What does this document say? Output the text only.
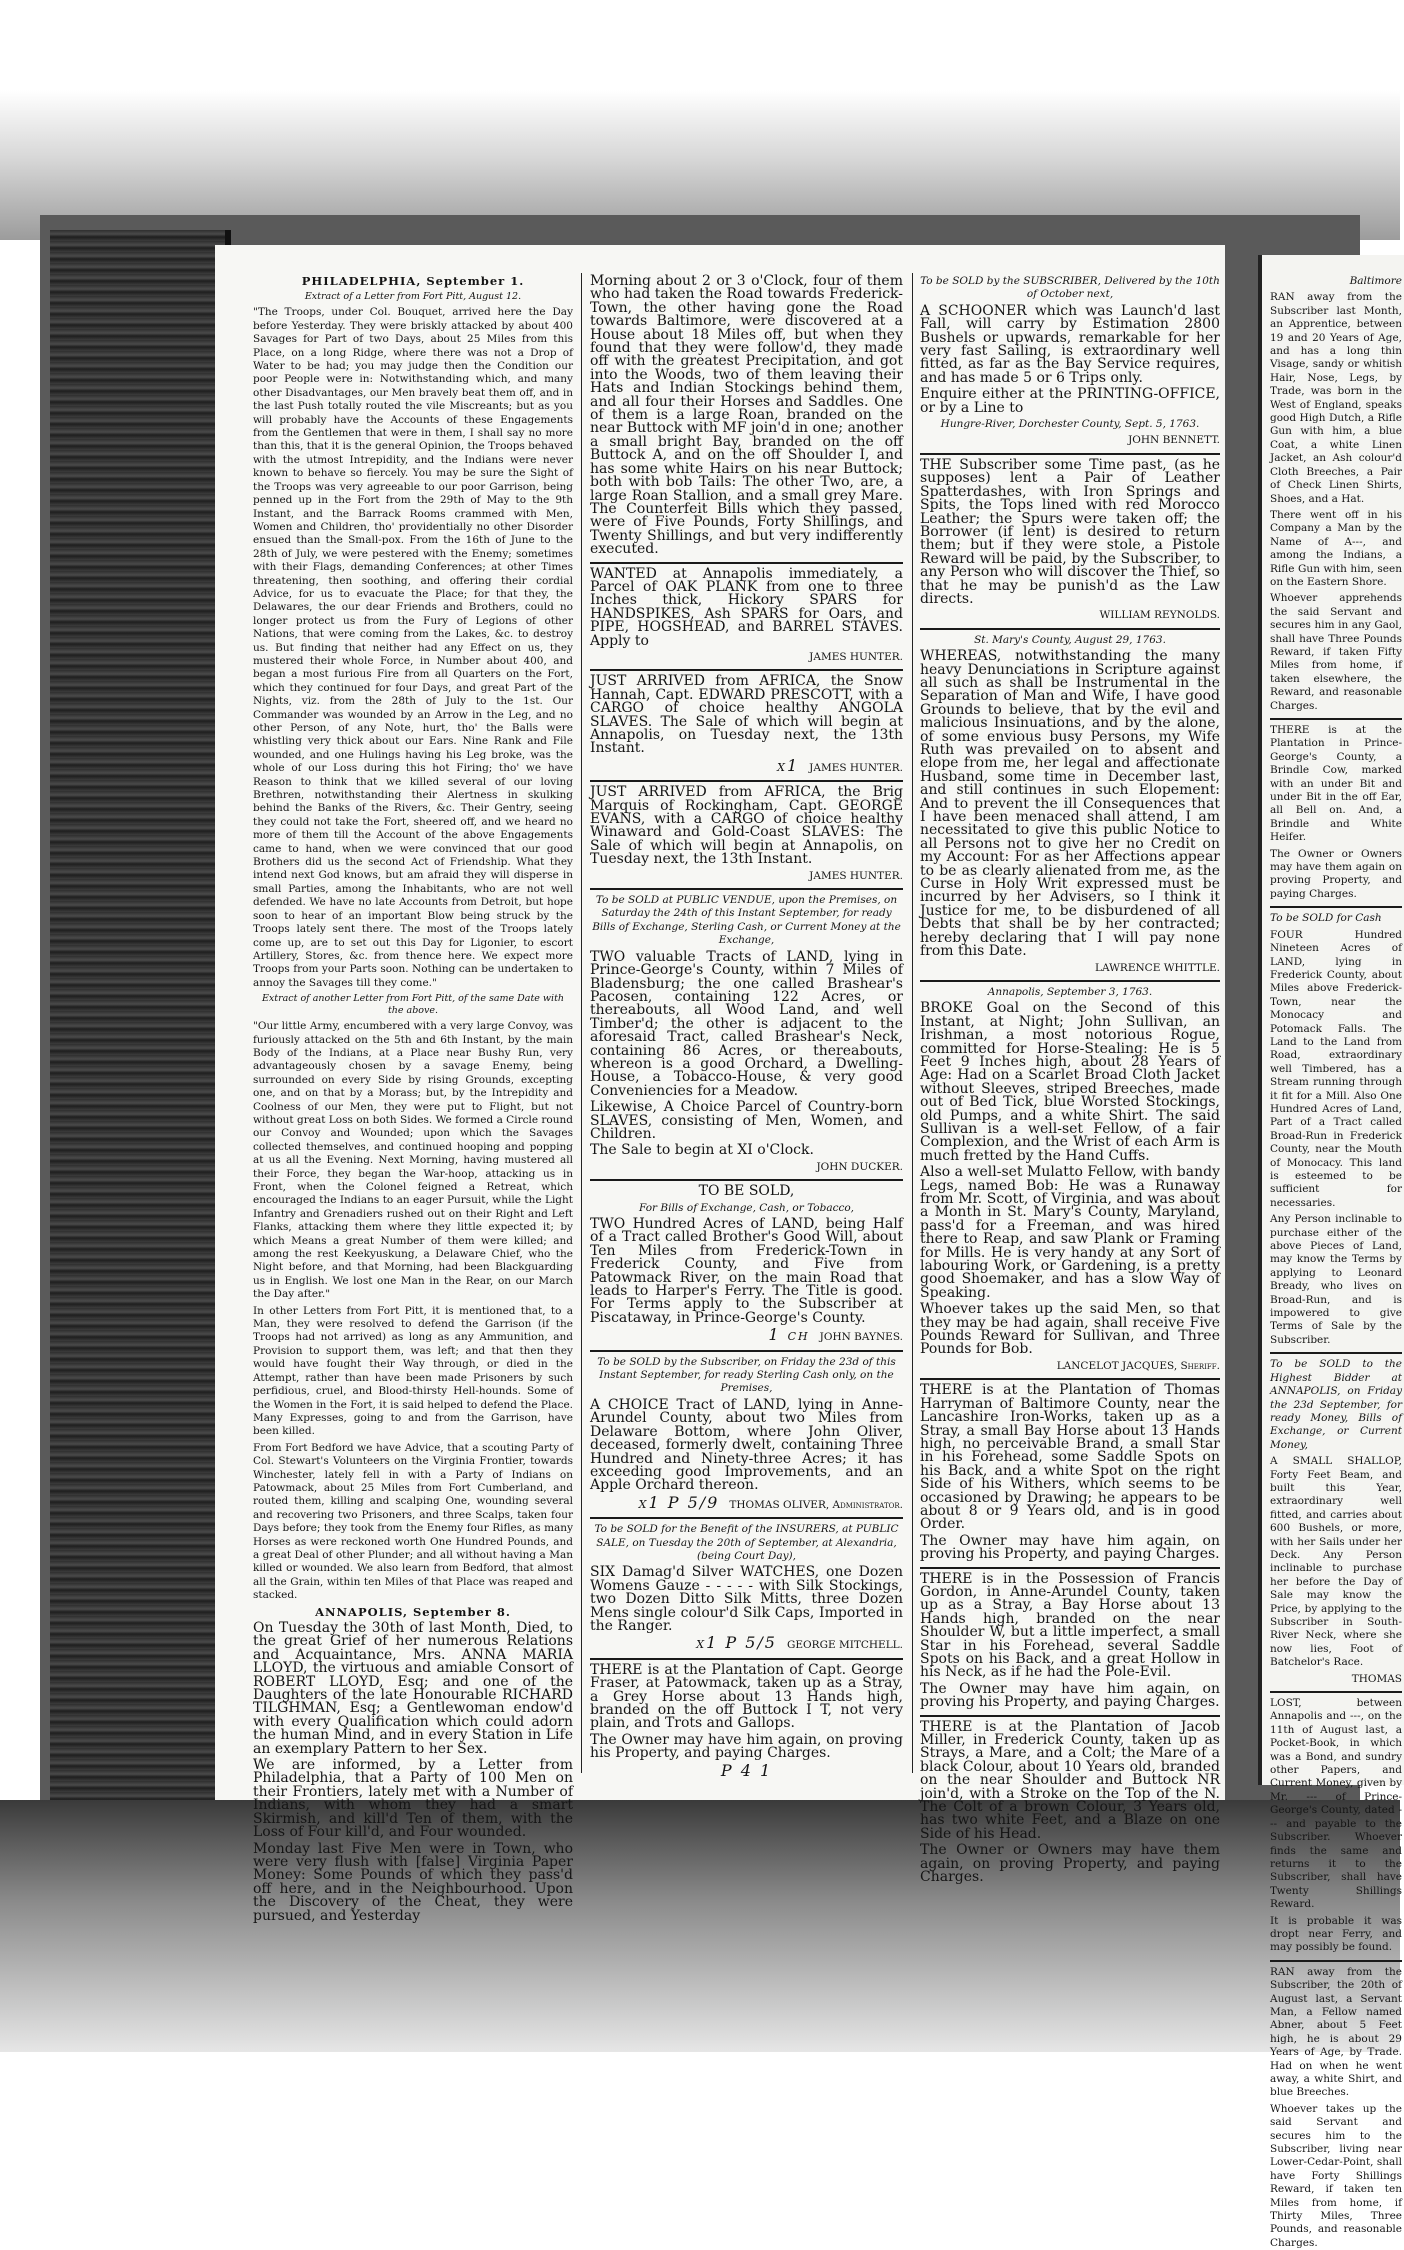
PHILADELPHIA, September 1.

Extract of a Letter from Fort Pitt, August 12.

"The Troops, under Col. Bouquet, arrived here the Day before Yesterday. They were briskly attacked by about 400 Savages for Part of two Days, about 25 Miles from this Place, on a long Ridge, where there was not a Drop of Water to be had; you may judge then the Condition our poor People were in: Notwithstanding which, and many other Disadvantages, our Men bravely beat them off, and in the last Push totally routed the vile Miscreants; but as you will probably have the Accounts of these Engagements from the Gentlemen that were in them, I shall say no more than this, that it is the general Opinion, the Troops behaved with the utmost Intrepidity, and the Indians were never known to behave so fiercely. You may be sure the Sight of the Troops was very agreeable to our poor Garrison, being penned up in the Fort from the 29th of May to the 9th Instant, and the Barrack Rooms crammed with Men, Women and Children, tho' providentially no other Disorder ensued than the Small-pox. From the 16th of June to the 28th of July, we were pestered with the Enemy; sometimes with their Flags, demanding Conferences; at other Times threatening, then soothing, and offering their cordial Advice, for us to evacuate the Place; for that they, the Delawares, the our dear Friends and Brothers, could no longer protect us from the Fury of Legions of other Nations, that were coming from the Lakes, &c. to destroy us. But finding that neither had any Effect on us, they mustered their whole Force, in Number about 400, and began a most furious Fire from all Quarters on the Fort, which they continued for four Days, and great Part of the Nights, viz. from the 28th of July to the 1st. Our Commander was wounded by an Arrow in the Leg, and no other Person, of any Note, hurt, tho' the Balls were whistling very thick about our Ears. Nine Rank and File wounded, and one Hulings having his Leg broke, was the whole of our Loss during this hot Firing; tho' we have Reason to think that we killed several of our loving Brethren, notwithstanding their Alertness in skulking behind the Banks of the Rivers, &c. Their Gentry, seeing they could not take the Fort, sheered off, and we heard no more of them till the Account of the above Engagements came to hand, when we were convinced that our good Brothers did us the second Act of Friendship. What they intend next God knows, but am afraid they will disperse in small Parties, among the Inhabitants, who are not well defended. We have no late Accounts from Detroit, but hope soon to hear of an important Blow being struck by the Troops lately sent there. The most of the Troops lately come up, are to set out this Day for Ligonier, to escort Artillery, Stores, &c. from thence here. We expect more Troops from your Parts soon. Nothing can be undertaken to annoy the Savages till they come."

Extract of another Letter from Fort Pitt, of the same Date with the above.

"Our little Army, encumbered with a very large Convoy, was furiously attacked on the 5th and 6th Instant, by the main Body of the Indians, at a Place near Bushy Run, very advantageously chosen by a savage Enemy, being surrounded on every Side by rising Grounds, excepting one, and on that by a Morass; but, by the Intrepidity and Coolness of our Men, they were put to Flight, but not without great Loss on both Sides. We formed a Circle round our Convoy and Wounded; upon which the Savages collected themselves, and continued hooping and popping at us all the Evening. Next Morning, having mustered all their Force, they began the War-hoop, attacking us in Front, when the Colonel feigned a Retreat, which encouraged the Indians to an eager Pursuit, while the Light Infantry and Grenadiers rushed out on their Right and Left Flanks, attacking them where they little expected it; by which Means a great Number of them were killed; and among the rest Keekyuskung, a Delaware Chief, who the Night before, and that Morning, had been Blackguarding us in English. We lost one Man in the Rear, on our March the Day after."

In other Letters from Fort Pitt, it is mentioned that, to a Man, they were resolved to defend the Garrison (if the Troops had not arrived) as long as any Ammunition, and Provision to support them, was left; and that then they would have fought their Way through, or died in the Attempt, rather than have been made Prisoners by such perfidious, cruel, and Blood-thirsty Hell-hounds. Some of the Women in the Fort, it is said helped to defend the Place. Many Expresses, going to and from the Garrison, have been killed.

From Fort Bedford we have Advice, that a scouting Party of Col. Stewart's Volunteers on the Virginia Frontier, towards Winchester, lately fell in with a Party of Indians on Patowmack, about 25 Miles from Fort Cumberland, and routed them, killing and scalping One, wounding several and recovering two Prisoners, and three Scalps, taken four Days before; they took from the Enemy four Rifles, as many Horses as were reckoned worth One Hundred Pounds, and a great Deal of other Plunder; and all without having a Man killed or wounded. We also learn from Bedford, that almost all the Grain, within ten Miles of that Place was reaped and stacked.

ANNAPOLIS, September 8.

On Tuesday the 30th of last Month, Died, to the great Grief of her numerous Relations and Acquaintance, Mrs. ANNA MARIA LLOYD, the virtuous and amiable Consort of ROBERT LLOYD, Esq; and one of the Daughters of the late Honourable RICHARD TILGHMAN, Esq; a Gentlewoman endow'd with every Qualification which could adorn the human Mind, and in every Station in Life an exemplary Pattern to her Sex.

We are informed, by a Letter from Philadelphia, that a Party of 100 Men on their Frontiers, lately met with a Number of Indians, with whom they had a smart Skirmish, and kill'd Ten of them, with the Loss of Four kill'd, and Four wounded.

Monday last Five Men were in Town, who were very flush with [false] Virginia Paper Money: Some Pounds of which they pass'd off here, and in the Neighbourhood. Upon the Discovery of the Cheat, they were pursued, and Yesterday

Morning about 2 or 3 o'Clock, four of them who had taken the Road towards Frederick-Town, the other having gone the Road towards Baltimore, were discovered at a House about 18 Miles off, but when they found that they were follow'd, they made off with the greatest Precipitation, and got into the Woods, two of them leaving their Hats and Indian Stockings behind them, and all four their Horses and Saddles. One of them is a large Roan, branded on the near Buttock with MF join'd in one; another a small bright Bay, branded on the off Buttock A, and on the off Shoulder I, and has some white Hairs on his near Buttock; both with bob Tails: The other Two, are, a large Roan Stallion, and a small grey Mare. The Counterfeit Bills which they passed, were of Five Pounds, Forty Shillings, and Twenty Shillings, and but very indifferently executed.

WANTED at Annapolis immediately, a Parcel of OAK PLANK from one to three Inches thick, Hickory SPARS for HANDSPIKES, Ash SPARS for Oars, and PIPE, HOGSHEAD, and BARREL STAVES. Apply to

JAMES HUNTER.

JUST ARRIVED from AFRICA, the Snow Hannah, Capt. EDWARD PRESCOTT, with a CARGO of choice healthy ANGOLA SLAVES. The Sale of which will begin at Annapolis, on Tuesday next, the 13th Instant.

x1 JAMES HUNTER.

JUST ARRIVED from AFRICA, the Brig Marquis of Rockingham, Capt. GEORGE EVANS, with a CARGO of choice healthy Winaward and Gold-Coast SLAVES: The Sale of which will begin at Annapolis, on Tuesday next, the 13th Instant.

JAMES HUNTER.

To be SOLD at PUBLIC VENDUE, upon the Premises, on Saturday the 24th of this Instant September, for ready Bills of Exchange, Sterling Cash, or Current Money at the Exchange,

TWO valuable Tracts of LAND, lying in Prince-George's County, within 7 Miles of Bladensburg; the one called Brashear's Pacosen, containing 122 Acres, or thereabouts, all Wood Land, and well Timber'd; the other is adjacent to the aforesaid Tract, called Brashear's Neck, containing 86 Acres, or thereabouts, whereon is a good Orchard, a Dwelling-House, a Tobacco-House, & very good Conveniencies for a Meadow.

Likewise, A Choice Parcel of Country-born SLAVES, consisting of Men, Women, and Children.

The Sale to begin at XI o'Clock.

JOHN DUCKER.

TO BE SOLD,

For Bills of Exchange, Cash, or Tobacco,

TWO Hundred Acres of LAND, being Half of a Tract called Brother's Good Will, about Ten Miles from Frederick-Town in Frederick County, and Five from Patowmack River, on the main Road that leads to Harper's Ferry. The Title is good. For Terms apply to the Subscriber at Piscataway, in Prince-George's County.

1 ch JOHN BAYNES.

To be SOLD by the Subscriber, on Friday the 23d of this Instant September, for ready Sterling Cash only, on the Premises,

A CHOICE Tract of LAND, lying in Anne-Arundel County, about two Miles from Delaware Bottom, where John Oliver, deceased, formerly dwelt, containing Three Hundred and Ninety-three Acres; it has exceeding good Improvements, and an Apple Orchard thereon.

x1 P 5/9 THOMAS OLIVER, Administrator.

To be SOLD for the Benefit of the INSURERS, at PUBLIC SALE, on Tuesday the 20th of September, at Alexandria, (being Court Day),

SIX Damag'd Silver WATCHES, one Dozen Womens Gauze - - - - - with Silk Stockings, two Dozen Ditto Silk Mitts, three Dozen Mens single colour'd Silk Caps, Imported in the Ranger.

x1 P 5/5 GEORGE MITCHELL.

THERE is at the Plantation of Capt. George Fraser, at Patowmack, taken up as a Stray, a Grey Horse about 13 Hands high, branded on the off Buttock I T, not very plain, and Trots and Gallops.

The Owner may have him again, on proving his Property, and paying Charges.

P 4 1

To be SOLD by the SUBSCRIBER, Delivered by the 10th of October next,

A SCHOONER which was Launch'd last Fall, will carry by Estimation 2800 Bushels or upwards, remarkable for her very fast Sailing, is extraordinary well fitted, as far as the Bay Service requires, and has made 5 or 6 Trips only.

Enquire either at the PRINTING-OFFICE, or by a Line to

Hungre-River, Dorchester County, Sept. 5, 1763.

JOHN BENNETT.

THE Subscriber some Time past, (as he supposes) lent a Pair of Leather Spatterdashes, with Iron Springs and Spits, the Tops lined with red Morocco Leather; the Spurs were taken off; the Borrower (if lent) is desired to return them; but if they were stole, a Pistole Reward will be paid, by the Subscriber, to any Person who will discover the Thief, so that he may be punish'd as the Law directs.

WILLIAM REYNOLDS.

St. Mary's County, August 29, 1763.

WHEREAS, notwithstanding the many heavy Denunciations in Scripture against all such as shall be Instrumental in the Separation of Man and Wife, I have good Grounds to believe, that by the evil and malicious Insinuations, and by the alone, of some envious busy Persons, my Wife Ruth was prevailed on to absent and elope from me, her legal and affectionate Husband, some time in December last, and still continues in such Elopement: And to prevent the ill Consequences that I have been menaced shall attend, I am necessitated to give this public Notice to all Persons not to give her no Credit on my Account: For as her Affections appear to be as clearly alienated from me, as the Curse in Holy Writ expressed must be incurred by her Advisers, so I think it Justice for me, to be disburdened of all Debts that shall be by her contracted; hereby declaring that I will pay none from this Date.

LAWRENCE WHITTLE.

Annapolis, September 3, 1763.

BROKE Goal on the Second of this Instant, at Night; John Sullivan, an Irishman, a most notorious Rogue, committed for Horse-Stealing: He is 5 Feet 9 Inches high, about 28 Years of Age: Had on a Scarlet Broad Cloth Jacket without Sleeves, striped Breeches, made out of Bed Tick, blue Worsted Stockings, old Pumps, and a white Shirt. The said Sullivan is a well-set Fellow, of a fair Complexion, and the Wrist of each Arm is much fretted by the Hand Cuffs.

Also a well-set Mulatto Fellow, with bandy Legs, named Bob: He was a Runaway from Mr. Scott, of Virginia, and was about a Month in St. Mary's County, Maryland, pass'd for a Freeman, and was hired there to Reap, and saw Plank or Framing for Mills. He is very handy at any Sort of labouring Work, or Gardening, is a pretty good Shoemaker, and has a slow Way of Speaking.

Whoever takes up the said Men, so that they may be had again, shall receive Five Pounds Reward for Sullivan, and Three Pounds for Bob.

LANCELOT JACQUES, Sheriff.

THERE is at the Plantation of Thomas Harryman of Baltimore County, near the Lancashire Iron-Works, taken up as a Stray, a small Bay Horse about 13 Hands high, no perceivable Brand, a small Star in his Forehead, some Saddle Spots on his Back, and a white Spot on the right Side of his Withers, which seems to be occasioned by Drawing; he appears to be about 8 or 9 Years old, and is in good Order.

The Owner may have him again, on proving his Property, and paying Charges.

THERE is in the Possession of Francis Gordon, in Anne-Arundel County, taken up as a Stray, a Bay Horse about 13 Hands high, branded on the near Shoulder W, but a little imperfect, a small Star in his Forehead, several Saddle Spots on his Back, and a great Hollow in his Neck, as if he had the Pole-Evil.

The Owner may have him again, on proving his Property, and paying Charges.

THERE is at the Plantation of Jacob Miller, in Frederick County, taken up as Strays, a Mare, and a Colt; the Mare of a black Colour, about 10 Years old, branded on the near Shoulder and Buttock NR join'd, with a Stroke on the Top of the N. The Colt of a brown Colour, 3 Years old, has two white Feet, and a Blaze on one Side of his Head.

The Owner or Owners may have them again, on proving Property, and paying Charges.

Baltimore

RAN away from the Subscriber last Month, an Apprentice, between 19 and 20 Years of Age, and has a long thin Visage, sandy or whitish Hair, Nose, Legs, by Trade, was born in the West of England, speaks good High Dutch, a Rifle Gun with him, a blue Coat, a white Linen Jacket, an Ash colour'd Cloth Breeches, a Pair of Check Linen Shirts, Shoes, and a Hat.

There went off in his Company a Man by the Name of A---, and among the Indians, a Rifle Gun with him, seen on the Eastern Shore.

Whoever apprehends the said Servant and secures him in any Gaol, shall have Three Pounds Reward, if taken Fifty Miles from home, if taken elsewhere, the Reward, and reasonable Charges.

THERE is at the Plantation in Prince-George's County, a Brindle Cow, marked with an under Bit and under Bit in the off Ear, all Bell on. And, a Brindle and White Heifer.

The Owner or Owners may have them again on proving Property, and paying Charges.

To be SOLD for Cash

FOUR Hundred Nineteen Acres of LAND, lying in Frederick County, about Miles above Frederick-Town, near the Monocacy and Potomack Falls. The Land to the Land from Road, extraordinary well Timbered, has a Stream running through it fit for a Mill. Also One Hundred Acres of Land, Part of a Tract called Broad-Run in Frederick County, near the Mouth of Monocacy. This land is esteemed to be sufficient for necessaries.

Any Person inclinable to purchase either of the above Pieces of Land, may know the Terms by applying to Leonard Bready, who lives on Broad-Run, and is impowered to give Terms of Sale by the Subscriber.

To be SOLD to the Highest Bidder at ANNAPOLIS, on Friday the 23d September, for ready Money, Bills of Exchange, or Current Money,

A SMALL SHALLOP, Forty Feet Beam, and built this Year, extraordinary well fitted, and carries about 600 Bushels, or more, with her Sails under her Deck. Any Person inclinable to purchase her before the Day of Sale may know the Price, by applying to the Subscriber in South-River Neck, where she now lies, Foot of Batchelor's Race.

THOMAS

LOST, between Annapolis and ---, on the 11th of August last, a Pocket-Book, in which was a Bond, and sundry other Papers, and Current Money, given by Mr. --- of Prince-George's County, dated --- and payable to the Subscriber. Whoever finds the same and returns it to the Subscriber, shall have Twenty Shillings Reward.

It is probable it was dropt near Ferry, and may possibly be found.

RAN away from the Subscriber, the 20th of August last, a Servant Man, a Fellow named Abner, about 5 Feet high, he is about 29 Years of Age, by Trade. Had on when he went away, a white Shirt, and blue Breeches.

Whoever takes up the said Servant and secures him to the Subscriber, living near Lower-Cedar-Point, shall have Forty Shillings Reward, if taken ten Miles from home, if Thirty Miles, Three Pounds, and reasonable Charges.
